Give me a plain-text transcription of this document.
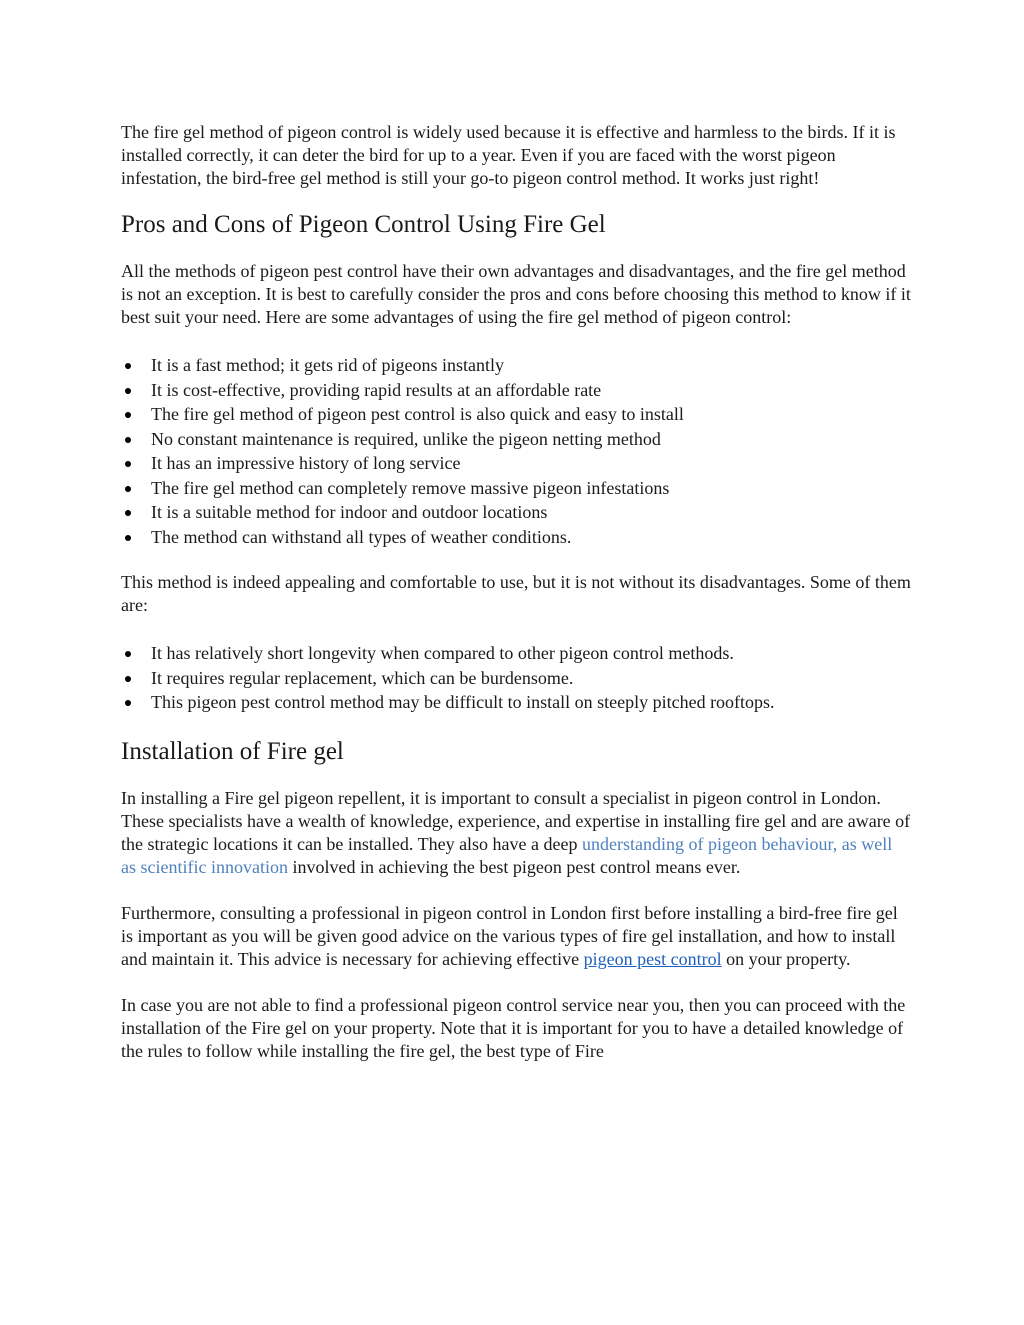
The fire gel method of pigeon control is widely used because it is effective and harmless to the birds. If it is installed correctly, it can deter the bird for up to a year. Even if you are faced with the worst pigeon infestation, the bird-free gel method is still your go-to pigeon control method. It works just right!

Pros and Cons of Pigeon Control Using Fire Gel

All the methods of pigeon pest control have their own advantages and disadvantages, and the fire gel method is not an exception. It is best to carefully consider the pros and cons before choosing this method to know if it best suit your need. Here are some advantages of using the fire gel method of pigeon control:

It is a fast method; it gets rid of pigeons instantly
It is cost-effective, providing rapid results at an affordable rate
The fire gel method of pigeon pest control is also quick and easy to install
No constant maintenance is required, unlike the pigeon netting method
It has an impressive history of long service
The fire gel method can completely remove massive pigeon infestations
It is a suitable method for indoor and outdoor locations
The method can withstand all types of weather conditions.

This method is indeed appealing and comfortable to use, but it is not without its disadvantages. Some of them are:

It has relatively short longevity when compared to other pigeon control methods.
It requires regular replacement, which can be burdensome.
This pigeon pest control method may be difficult to install on steeply pitched rooftops.
Installation of Fire gel

In installing a Fire gel pigeon repellent, it is important to consult a specialist in pigeon control in London. These specialists have a wealth of knowledge, experience, and expertise in installing fire gel and are aware of the strategic locations it can be installed. They also have a deep understanding of pigeon behaviour, as well as scientific innovation involved in achieving the best pigeon pest control means ever.

Furthermore, consulting a professional in pigeon control in London first before installing a bird-free fire gel is important as you will be given good advice on the various types of fire gel installation, and how to install and maintain it. This advice is necessary for achieving effective pigeon pest control on your property.

In case you are not able to find a professional pigeon control service near you, then you can proceed with the installation of the Fire gel on your property. Note that it is important for you to have a detailed knowledge of the rules to follow while installing the fire gel, the best type of Fire
